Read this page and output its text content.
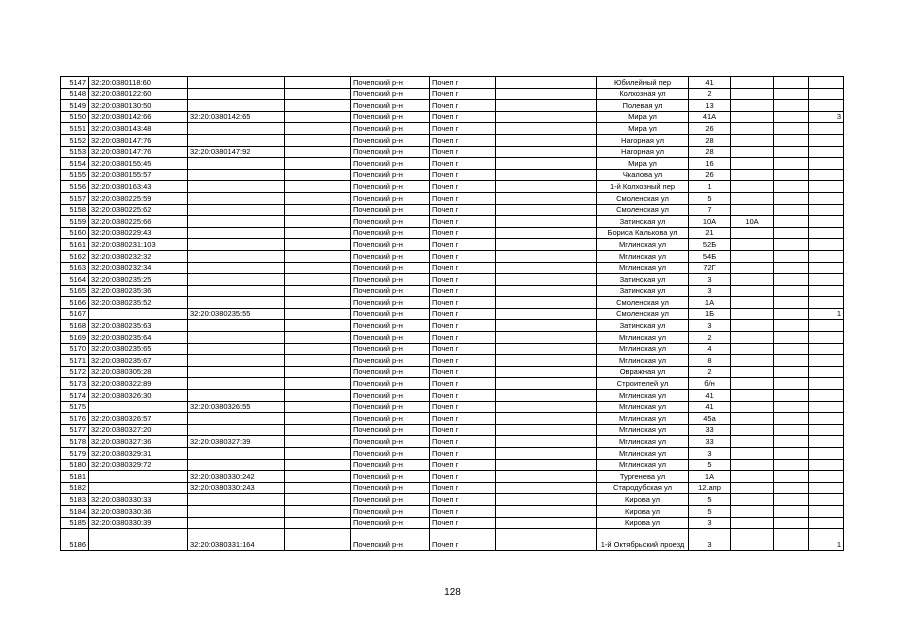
5147	32:20:0380118:60			Почепский р-н	Почеп г		Юбилейный пер	41			
5148	32:20:0380122:60			Почепский р-н	Почеп г		Колхозная ул	2			
5149	32:20:0380130:50			Почепский р-н	Почеп г		Полевая ул	13			
5150	32:20:0380142:66	32:20:0380142:65		Почепский р-н	Почеп г		Мира ул	41А			3
5151	32:20:0380143:48			Почепский р-н	Почеп г		Мира ул	26			
5152	32:20:0380147:76			Почепский р-н	Почеп г		Нагорная ул	28			
5153	32:20:0380147:76	32:20:0380147:92		Почепский р-н	Почеп г		Нагорная ул	28			
5154	32:20:0380155:45			Почепский р-н	Почеп г		Мира ул	16			
5155	32:20:0380155:57			Почепский р-н	Почеп г		Чкалова ул	26			
5156	32:20:0380163:43			Почепский р-н	Почеп г		1-й Колхозный пер	1			
5157	32:20:0380225:59			Почепский р-н	Почеп г		Смоленская ул	5			
5158	32:20:0380225:62			Почепский р-н	Почеп г		Смоленская ул	7			
5159	32:20:0380225:66			Почепский р-н	Почеп г		Затинская ул	10А	10А		
5160	32:20:0380229:43			Почепский р-н	Почеп г		Бориса Калькова ул	21			
5161	32:20:0380231:103			Почепский р-н	Почеп г		Мглинская ул	52Б			
5162	32:20:0380232:32			Почепский р-н	Почеп г		Мглинская ул	54Б			
5163	32:20:0380232:34			Почепский р-н	Почеп г		Мглинская ул	72Г			
5164	32:20:0380235:25			Почепский р-н	Почеп г		Затинская ул	3			
5165	32:20:0380235:36			Почепский р-н	Почеп г		Затинская ул	3			
5166	32:20:0380235:52			Почепский р-н	Почеп г		Смоленская ул	1А			
5167		32:20:0380235:55		Почепский р-н	Почеп г		Смоленская ул	1Б			1
5168	32:20:0380235:63			Почепский р-н	Почеп г		Затинская ул	3			
5169	32:20:0380235:64			Почепский р-н	Почеп г		Мглинская ул	2			
5170	32:20:0380235:65			Почепский р-н	Почеп г		Мглинская ул	4			
5171	32:20:0380235:67			Почепский р-н	Почеп г		Мглинская ул	8			
5172	32:20:0380305:28			Почепский р-н	Почеп г		Овражная ул	2			
5173	32:20:0380322:89			Почепский р-н	Почеп г		Строителей ул	б/н			
5174	32:20:0380326:30			Почепский р-н	Почеп г		Мглинская ул	41			
5175		32:20:0380326:55		Почепский р-н	Почеп г		Мглинская ул	41			
5176	32:20:0380326:57			Почепский р-н	Почеп г		Мглинская ул	45а			
5177	32:20:0380327:20			Почепский р-н	Почеп г		Мглинская ул	33			
5178	32:20:0380327:36	32:20:0380327:39		Почепский р-н	Почеп г		Мглинская ул	33			
5179	32:20:0380329:31			Почепский р-н	Почеп г		Мглинская ул	3			
5180	32:20:0380329:72			Почепский р-н	Почеп г		Мглинская ул	5			
5181		32:20:0380330:242		Почепский р-н	Почеп г		Тургенева ул	1А			
5182		32:20:0380330:243		Почепский р-н	Почеп г		Стародубская ул	12.апр			
5183	32:20:0380330:33			Почепский р-н	Почеп г		Кирова ул	5			
5184	32:20:0380330:36			Почепский р-н	Почеп г		Кирова ул	5			
5185	32:20:0380330:39			Почепский р-н	Почеп г		Кирова ул	3			
5186		32:20:0380331:164		Почепский р-н	Почеп г		1-й Октябрьский проезд	3			1
128
